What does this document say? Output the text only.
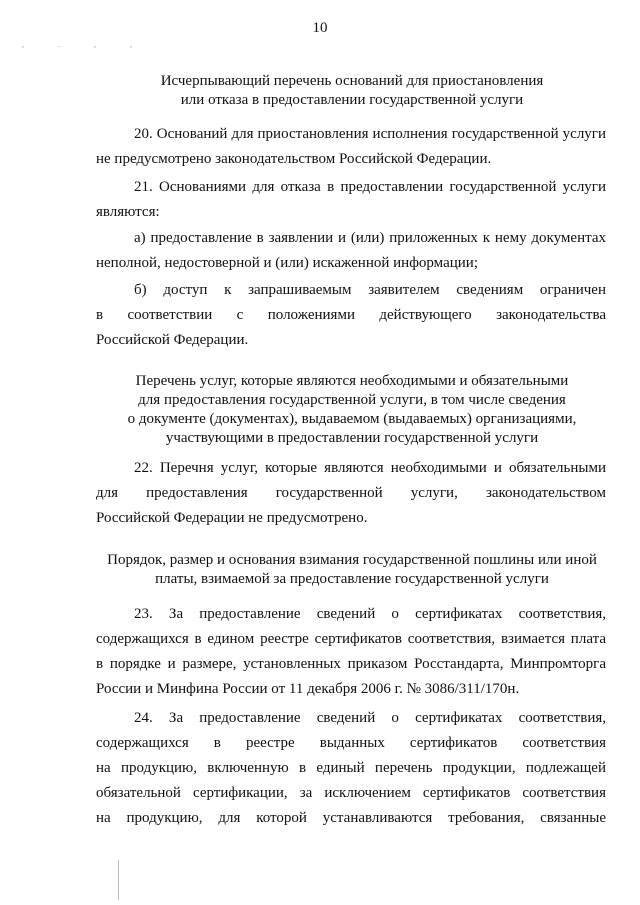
10
, . , ,
Исчерпывающий перечень оснований для приостановления
или отказа в предоставлении государственной услуги
20. Оснований для приостановления исполнения государственной услуги
не предусмотрено законодательством Российской Федерации.
21. Основаниями для отказа в предоставлении государственной услуги
являются:
а) предоставление в заявлении и (или) приложенных к нему документах
неполной, недостоверной и (или) искаженной информации;
б) доступ к запрашиваемым заявителем сведениям ограничен
в соответствии с положениями действующего законодательства
Российской Федерации.
Перечень услуг, которые являются необходимыми и обязательными
для предоставления государственной услуги, в том числе сведения
о документе (документах), выдаваемом (выдаваемых) организациями,
участвующими в предоставлении государственной услуги
22. Перечня услуг, которые являются необходимыми и обязательными
для предоставления государственной услуги, законодательством
Российской Федерации не предусмотрено.
Порядок, размер и основания взимания государственной пошлины или иной
платы, взимаемой за предоставление государственной услуги
23. За предоставление сведений о сертификатах соответствия,
содержащихся в едином реестре сертификатов соответствия, взимается плата
в порядке и размере, установленных приказом Росстандарта, Минпромторга
России и Минфина России от 11 декабря 2006 г. № 3086/311/170н.
24. За предоставление сведений о сертификатах соответствия,
содержащихся в реестре выданных сертификатов соответствия
на продукцию, включенную в единый перечень продукции, подлежащей
обязательной сертификации, за исключением сертификатов соответствия
на продукцию, для которой устанавливаются требования, связанные
